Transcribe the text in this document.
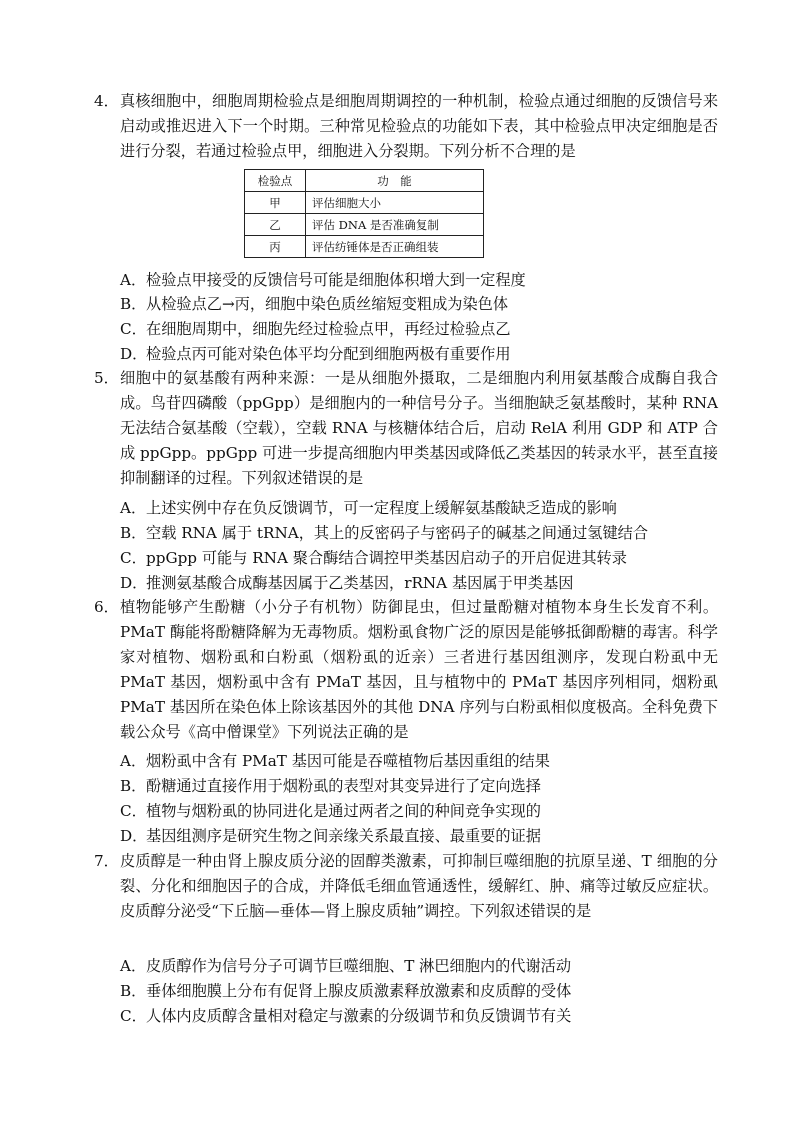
4． 真核细胞中，细胞周期检验点是细胞周期调控的一种机制，检验点通过细胞的反馈信号来启动或推迟进入下一个时期。三种常见检验点的功能如下表，其中检验点甲决定细胞是否进行分裂，若通过检验点甲，细胞进入分裂期。下列分析不合理的是
检验点	功　能
甲	评估细胞大小
乙	评估 DNA 是否准确复制
丙	评估纺锤体是否正确组装
A．检验点甲接受的反馈信号可能是细胞体积增大到一定程度
B．从检验点乙→丙，细胞中染色质丝缩短变粗成为染色体
C．在细胞周期中，细胞先经过检验点甲，再经过检验点乙
D．检验点丙可能对染色体平均分配到细胞两极有重要作用
5． 细胞中的氨基酸有两种来源：一是从细胞外摄取，二是细胞内利用氨基酸合成酶自我合成。鸟苷四磷酸（ppGpp）是细胞内的一种信号分子。当细胞缺乏氨基酸时，某种 RNA 无法结合氨基酸（空载），空载 RNA 与核糖体结合后，启动 RelA 利用 GDP 和 ATP 合成 ppGpp。ppGpp 可进一步提高细胞内甲类基因或降低乙类基因的转录水平，甚至直接抑制翻译的过程。下列叙述错误的是
A．上述实例中存在负反馈调节，可一定程度上缓解氨基酸缺乏造成的影响
B．空载 RNA 属于 tRNA，其上的反密码子与密码子的碱基之间通过氢键结合
C．ppGpp 可能与 RNA 聚合酶结合调控甲类基因启动子的开启促进其转录
D．推测氨基酸合成酶基因属于乙类基因，rRNA 基因属于甲类基因
6． 植物能够产生酚糖（小分子有机物）防御昆虫，但过量酚糖对植物本身生长发育不利。PMaT 酶能将酚糖降解为无毒物质。烟粉虱食物广泛的原因是能够抵御酚糖的毒害。科学家对植物、烟粉虱和白粉虱（烟粉虱的近亲）三者进行基因组测序，发现白粉虱中无 PMaT 基因，烟粉虱中含有 PMaT 基因，且与植物中的 PMaT 基因序列相同，烟粉虱 PMaT 基因所在染色体上除该基因外的其他 DNA 序列与白粉虱相似度极高。全科免费下载公众号《高中僧课堂》下列说法正确的是
A．烟粉虱中含有 PMaT 基因可能是吞噬植物后基因重组的结果
B．酚糖通过直接作用于烟粉虱的表型对其变异进行了定向选择
C．植物与烟粉虱的协同进化是通过两者之间的种间竞争实现的
D．基因组测序是研究生物之间亲缘关系最直接、最重要的证据
7． 皮质醇是一种由肾上腺皮质分泌的固醇类激素，可抑制巨噬细胞的抗原呈递、T 细胞的分裂、分化和细胞因子的合成，并降低毛细血管通透性，缓解红、肿、痛等过敏反应症状。皮质醇分泌受“下丘脑—垂体—肾上腺皮质轴”调控。下列叙述错误的是
A．皮质醇作为信号分子可调节巨噬细胞、T 淋巴细胞内的代谢活动
B．垂体细胞膜上分布有促肾上腺皮质激素释放激素和皮质醇的受体
C．人体内皮质醇含量相对稳定与激素的分级调节和负反馈调节有关
